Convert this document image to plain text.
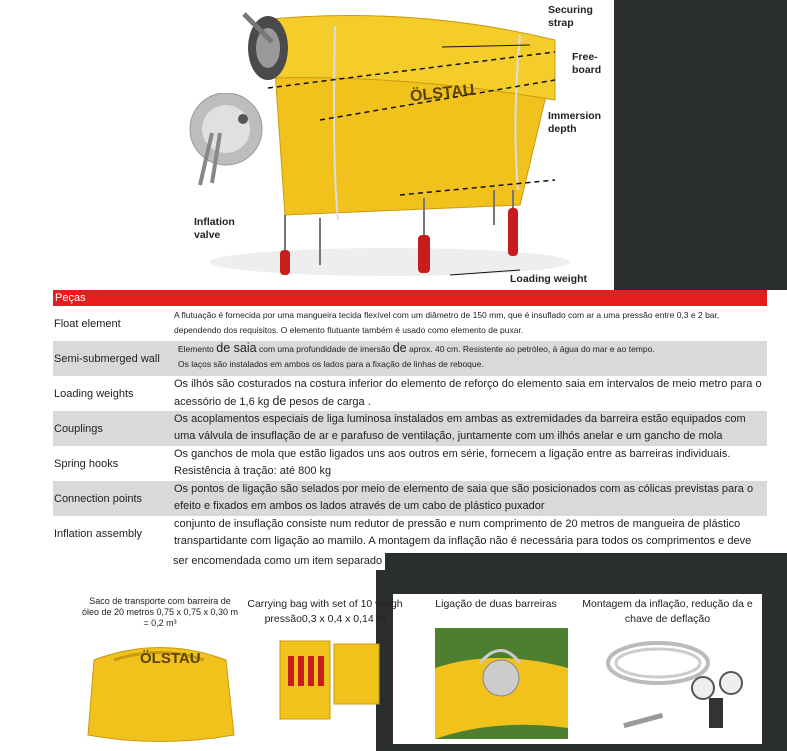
ÖLSTAU
Securing
strap
Free-
board
Immersion
depth
Inflation
valve
Loading weight
Peças
Float element
A flutuação é fornecida por uma mangueira tecida flexível com um diâmetro de 150 mm, que é insuflado com ar a uma pressão entre 0,3 e 2 bar, dependendo dos requisitos. O elemento flutuante também é usado como elemento de puxar.
Semi-submerged wall
Elemento de saia com uma profundidade de imersão de aprox. 40 cm. Resistente ao petróleo, à água do mar e ao tempo.
Os laços são instalados em ambos os lados para a fixação de linhas de reboque.
Loading weights
Os ilhós são costurados na costura inferior do elemento de reforço do elemento saia em intervalos de meio metro para o acessório de 1,6 kg de pesos de carga .
Couplings
Os acoplamentos especiais de liga luminosa instalados em ambas as extremidades da barreira estão equipados com uma válvula de insuflação de ar e parafuso de ventilação, juntamente com um ilhós anelar e um gancho de mola
Spring hooks
Os ganchos de mola que estão ligados uns aos outros em série, fornecem a ligação entre as barreiras individuais. Resistência à tração: até 800 kg
Connection points
Os pontos de ligação são selados por meio de elemento de saia que são posicionados com as cólicas previstas para o efeito e fixados em ambos os lados através de um cabo de plástico puxador
Inflation assembly
conjunto de insuflação consiste num redutor de pressão e num comprimento de 20 metros de mangueira de plástico transpartidante com ligação ao mamilo. A montagem da inflação não é necessária para todos os comprimentos e deve
ser encomendada como um item separado
Saco de transporte com barreira de óleo de 20 metros 0,75 x 0,75 x 0,30 m = 0,2 m³
ÖLSTAU
Carrying bag with set of 10 weigh pressão0,3 x 0,4 x 0,14 m
Ligação de duas barreiras	Montagem da inflação, redução da e chave de deflação
